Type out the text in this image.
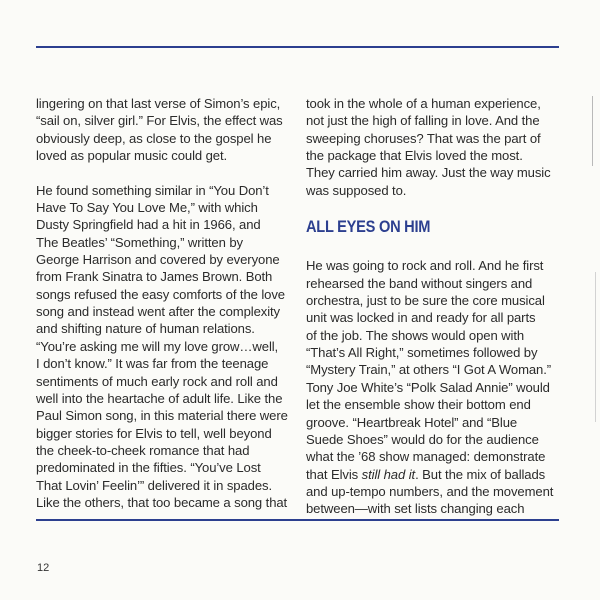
lingering on that last verse of Simon’s epic,
“sail on, silver girl.” For Elvis, the effect was
obviously deep, as close to the gospel he
loved as popular music could get.

He found something similar in “You Don’t
Have To Say You Love Me,” with which
Dusty Springfield had a hit in 1966, and
The Beatles’ “Something,” written by
George Harrison and covered by everyone
from Frank Sinatra to James Brown. Both
songs refused the easy comforts of the love
song and instead went after the complexity
and shifting nature of human relations.
“You’re asking me will my love grow…well,
I don’t know.” It was far from the teenage
sentiments of much early rock and roll and
well into the heartache of adult life. Like the
Paul Simon song, in this material there were
bigger stories for Elvis to tell, well beyond
the cheek-to-cheek romance that had
predominated in the fifties. “You’ve Lost
That Lovin’ Feelin’” delivered it in spades.
Like the others, that too became a song that

took in the whole of a human experience,
not just the high of falling in love. And the
sweeping choruses? That was the part of
the package that Elvis loved the most.
They carried him away. Just the way music
was supposed to.

ALL EYES ON HIM

He was going to rock and roll. And he first
rehearsed the band without singers and
orchestra, just to be sure the core musical
unit was locked in and ready for all parts
of the job. The shows would open with
“That’s All Right,” sometimes followed by
“Mystery Train,” at others “I Got A Woman.”
Tony Joe White’s “Polk Salad Annie” would
let the ensemble show their bottom end
groove. “Heartbreak Hotel” and “Blue
Suede Shoes” would do for the audience
what the ’68 show managed: demonstrate
that Elvis still had it. But the mix of ballads
and up-tempo numbers, and the movement
between—with set lists changing each

12
